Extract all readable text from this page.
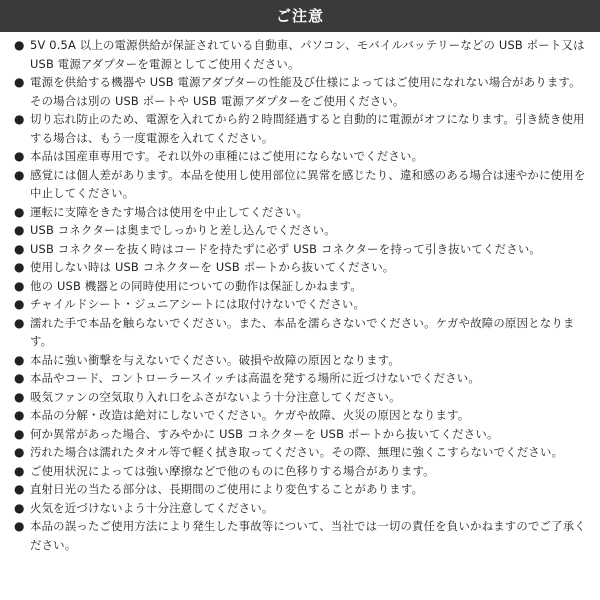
ご注意
● 5V 0.5A 以上の電源供給が保証されている自動車、パソコン、モバイルバッテリーなどの USB ポート又は USB 電源アダプターを電源としてご使用ください。
● 電源を供給する機器や USB 電源アダプターの性能及び仕様によってはご使用になれない場合があります。その場合は別の USB ポートや USB 電源アダプターをご使用ください。
● 切り忘れ防止のため、電源を入れてから約２時間経過すると自動的に電源がオフになります。引き続き使用する場合は、もう一度電源を入れてください。
● 本品は国産車専用です。それ以外の車種にはご使用にならないでください。
● 感覚には個人差があります。本品を使用し使用部位に異常を感じたり、違和感のある場合は速やかに使用を中止してください。
● 運転に支障をきたす場合は使用を中止してください。
● USB コネクターは奥までしっかりと差し込んでください。
● USB コネクターを抜く時はコードを持たずに必ず USB コネクターを持って引き抜いてください。
● 使用しない時は USB コネクターを USB ポートから抜いてください。
● 他の USB 機器との同時使用についての動作は保証しかねます。
● チャイルドシート・ジュニアシートには取付けないでください。
● 濡れた手で本品を触らないでください。また、本品を濡らさないでください。ケガや故障の原因となります。
● 本品に強い衝撃を与えないでください。破損や故障の原因となります。
● 本品やコード、コントローラースイッチは高温を発する場所に近づけないでください。
● 吸気ファンの空気取り入れ口をふさがないよう十分注意してください。
● 本品の分解・改造は絶対にしないでください。ケガや故障、火災の原因となります。
● 何か異常があった場合、すみやかに USB コネクターを USB ポートから抜いてください。
● 汚れた場合は濡れたタオル等で軽く拭き取ってください。その際、無理に強くこすらないでください。
● ご使用状況によっては強い摩擦などで他のものに色移りする場合があります。
● 直射日光の当たる部分は、長期間のご使用により変色することがあります。
● 火気を近づけないよう十分注意してください。
● 本品の誤ったご使用方法により発生した事故等について、当社では一切の責任を負いかねますのでご了承ください。
